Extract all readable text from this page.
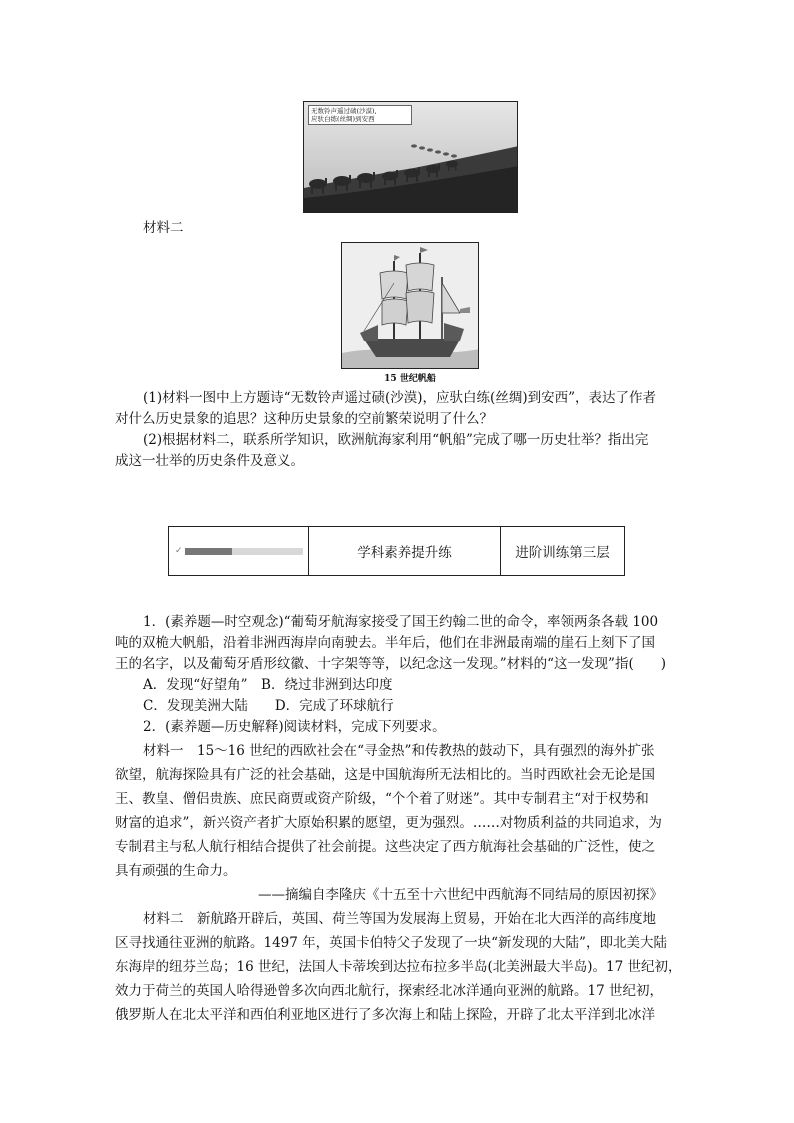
无数铃声遥过碛(沙漠),
应驮白练(丝绸)到安西
材料二
15 世纪帆船
(1)材料一图中上方题诗“无数铃声遥过碛(沙漠)，应驮白练(丝绸)到安西”，表达了作者
对什么历史景象的追思？这种历史景象的空前繁荣说明了什么？
(2)根据材料二，联系所学知识，欧洲航海家利用“帆船”完成了哪一历史壮举？指出完
成这一壮举的历史条件及意义。
✓	学科素养提升练	进阶训练第三层
1．(素养题—时空观念)“葡萄牙航海家接受了国王约翰二世的命令，率领两条各载 100
吨的双桅大帆船，沿着非洲西海岸向南驶去。半年后，他们在非洲最南端的崖石上刻下了国
王的名字，以及葡萄牙盾形纹徽、十字架等等，以纪念这一发现。”材料的“这一发现”指(　　)
A．发现“好望角”　B．绕过非洲到达印度
C．发现美洲大陆　　D．完成了环球航行
2．(素养题—历史解释)阅读材料，完成下列要求。
材料一　15～16 世纪的西欧社会在“寻金热”和传教热的鼓动下，具有强烈的海外扩张
欲望，航海探险具有广泛的社会基础，这是中国航海所无法相比的。当时西欧社会无论是国
王、教皇、僧侣贵族、庶民商贾或资产阶级，“个个着了财迷”。其中专制君主“对于权势和
财富的追求”，新兴资产者扩大原始积累的愿望，更为强烈。……对物质利益的共同追求，为
专制君主与私人航行相结合提供了社会前提。这些决定了西方航海社会基础的广泛性，使之
具有顽强的生命力。
——摘编自李隆庆《十五至十六世纪中西航海不同结局的原因初探》
材料二　新航路开辟后，英国、荷兰等国为发展海上贸易，开始在北大西洋的高纬度地
区寻找通往亚洲的航路。1497 年，英国卡伯特父子发现了一块“新发现的大陆”，即北美大陆
东海岸的纽芬兰岛；16 世纪，法国人卡蒂埃到达拉布拉多半岛(北美洲最大半岛)。17 世纪初，
效力于荷兰的英国人哈得逊曾多次向西北航行，探索经北冰洋通向亚洲的航路。17 世纪初，
俄罗斯人在北太平洋和西伯利亚地区进行了多次海上和陆上探险，开辟了北太平洋到北冰洋
